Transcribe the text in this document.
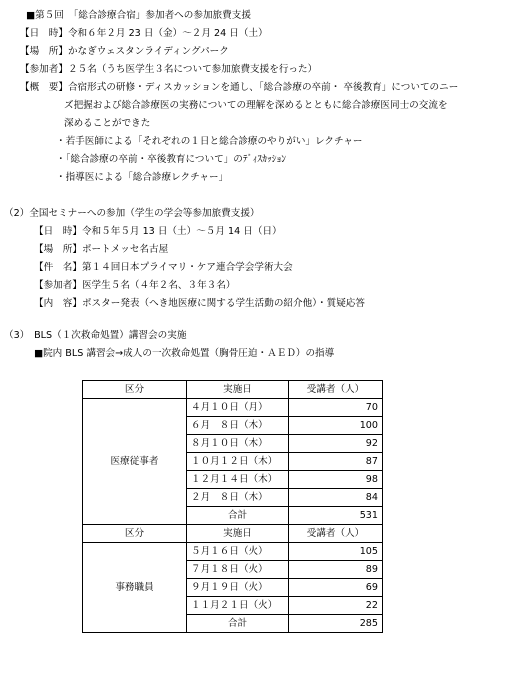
■第５回　「総合診療合宿」参加者への参加旅費支援
【日　時】令和６年２月 23 日（金）～２月 24 日（土）
【場　所】かなぎウェスタンライディングパーク
【参加者】２５名（うち医学生３名について参加旅費支援を行った）
【概　要】合宿形式の研修・ディスカッションを通し、「総合診療の卒前・ 卒後教育」についてのニー
ズ把握および総合診療医の実務についての理解を深めるとともに総合診療医同士の交流を
深めることができた
・若手医師による「それぞれの１日と総合診療のやりがい」レクチャー
・「総合診療の卒前・卒後教育について」のﾃﾞｨｽｶｯｼｮﾝ
・指導医による「総合診療レクチャー」
（2）全国セミナーへの参加（学生の学会等参加旅費支援）
【日　時】令和５年５月 13 日（土）～５月 14 日（日）
【場　所】ポートメッセ名古屋
【件　名】第１４回日本プライマリ・ケア連合学会学術大会
【参加者】医学生５名（４年２名、３年３名）
【内　容】ポスター発表（へき地医療に関する学生活動の紹介他）・質疑応答
（3）　BLS（１次救命処置）講習会の実施
■院内 BLS 講習会→成人の一次救命処置（胸骨圧迫・ＡＥＤ）の指導
区分	実施日	受講者（人）
医療従事者	４月１０日（月）	70
	６月　８日（木）	100
	８月１０日（木）	92
	１０月１２日（木）	87
	１２月１４日（木）	98
	２月　８日（木）	84
	合計	531
区分	実施日	受講者（人）
事務職員	５月１６日（火）	105
	７月１８日（火）	89
	９月１９日（火）	69
	１１月２１日（火）	22
	合計	285
